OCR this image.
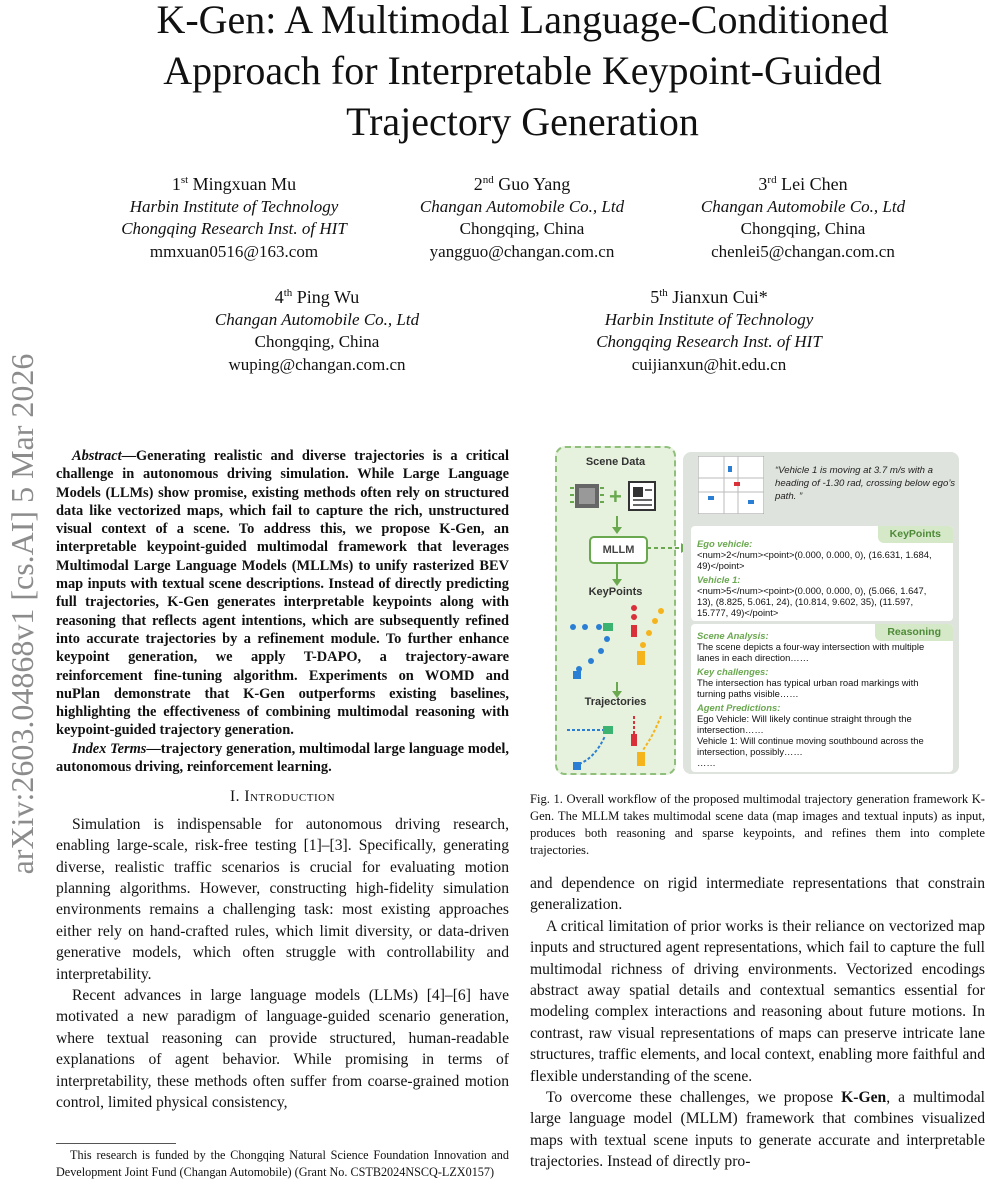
K-Gen: A Multimodal Language-Conditioned
Approach for Interpretable Keypoint-Guided
Trajectory Generation
1st Mingxuan Mu
Harbin Institute of Technology
Chongqing Research Inst. of HIT
mmxuan0516@163.com
2nd Guo Yang
Changan Automobile Co., Ltd
Chongqing, China
yangguo@changan.com.cn
3rd Lei Chen
Changan Automobile Co., Ltd
Chongqing, China
chenlei5@changan.com.cn
4th Ping Wu
Changan Automobile Co., Ltd
Chongqing, China
wuping@changan.com.cn
5th Jianxun Cui*
Harbin Institute of Technology
Chongqing Research Inst. of HIT
cuijianxun@hit.edu.cn
arXiv:2603.04868v1 [cs.AI] 5 Mar 2026	Abstract—Generating realistic and diverse trajectories is a critical challenge in autonomous driving simulation. While Large Language Models (LLMs) show promise, existing methods often rely on structured data like vectorized maps, which fail to capture the rich, unstructured visual context of a scene. To address this, we propose K-Gen, an interpretable keypoint-guided multimodal framework that leverages Multimodal Large Language Models (MLLMs) to unify rasterized BEV map inputs with textual scene descriptions. Instead of directly predicting full trajectories, K-Gen generates interpretable keypoints along with reasoning that reflects agent intentions, which are subsequently refined into accurate trajectories by a refinement module. To further enhance keypoint generation, we apply T-DAPO, a trajectory-aware reinforcement fine-tuning algorithm. Experiments on WOMD and nuPlan demonstrate that K-Gen outperforms existing baselines, highlighting the effectiveness of combining multimodal reasoning with keypoint-guided trajectory generation.

Index Terms—trajectory generation, multimodal large language model, autonomous driving, reinforcement learning.

I. Introduction

Simulation is indispensable for autonomous driving research, enabling large-scale, risk-free testing [1]–[3]. Specifically, generating diverse, realistic traffic scenarios is crucial for evaluating motion planning algorithms. However, constructing high-fidelity simulation environments remains a challenging task: most existing approaches either rely on hand-crafted rules, which limit diversity, or data-driven generative models, which often struggle with controllability and interpretability.

Recent advances in large language models (LLMs) [4]–[6] have motivated a new paradigm of language-guided scenario generation, where textual reasoning can provide structured, human-readable explanations of agent behavior. While promising in terms of interpretability, these methods often suffer from coarse-grained motion control, limited physical consistency,

This research is funded by the Chongqing Natural Science Foundation Innovation and Development Joint Fund (Changan Automobile) (Grant No. CSTB2024NSCQ-LZX0157)
Scene Data
+
MLLM
KeyPoints
Trajectories
“Vehicle 1 is moving at 3.7 m/s with a heading of -1.30 rad, crossing below ego’s path. ”
KeyPoints
Ego vehicle:
<num>2</num><point>(0.000, 0.000, 0), (16.631, 1.684, 49)</point>
Vehicle 1:
<num>5</num><point>(0.000, 0.000, 0), (5.066, 1.647, 13), (8.825, 5.061, 24), (10.814, 9.602, 35), (11.597, 15.777, 49)</point>
Reasoning
Scene Analysis:
The scene depicts a four-way intersection with multiple lanes in each direction……
Key challenges:
The intersection has typical urban road markings with turning paths visible……
Agent Predictions:
Ego Vehicle: Will likely continue straight through the intersection……
Vehicle 1: Will continue moving southbound across the intersection, possibly……
……
Fig. 1. Overall workflow of the proposed multimodal trajectory generation framework K-Gen. The MLLM takes multimodal scene data (map images and textual inputs) as input, produces both reasoning and sparse keypoints, and refines them into complete trajectories.

and dependence on rigid intermediate representations that constrain generalization.

A critical limitation of prior works is their reliance on vectorized map inputs and structured agent representations, which fail to capture the full multimodal richness of driving environments. Vectorized encodings abstract away spatial details and contextual semantics essential for modeling complex interactions and reasoning about future motions. In contrast, raw visual representations of maps can preserve intricate lane structures, traffic elements, and local context, enabling more faithful and flexible understanding of the scene.

To overcome these challenges, we propose K-Gen, a multimodal large language model (MLLM) framework that combines visualized maps with textual scene inputs to generate accurate and interpretable trajectories. Instead of directly pro-
